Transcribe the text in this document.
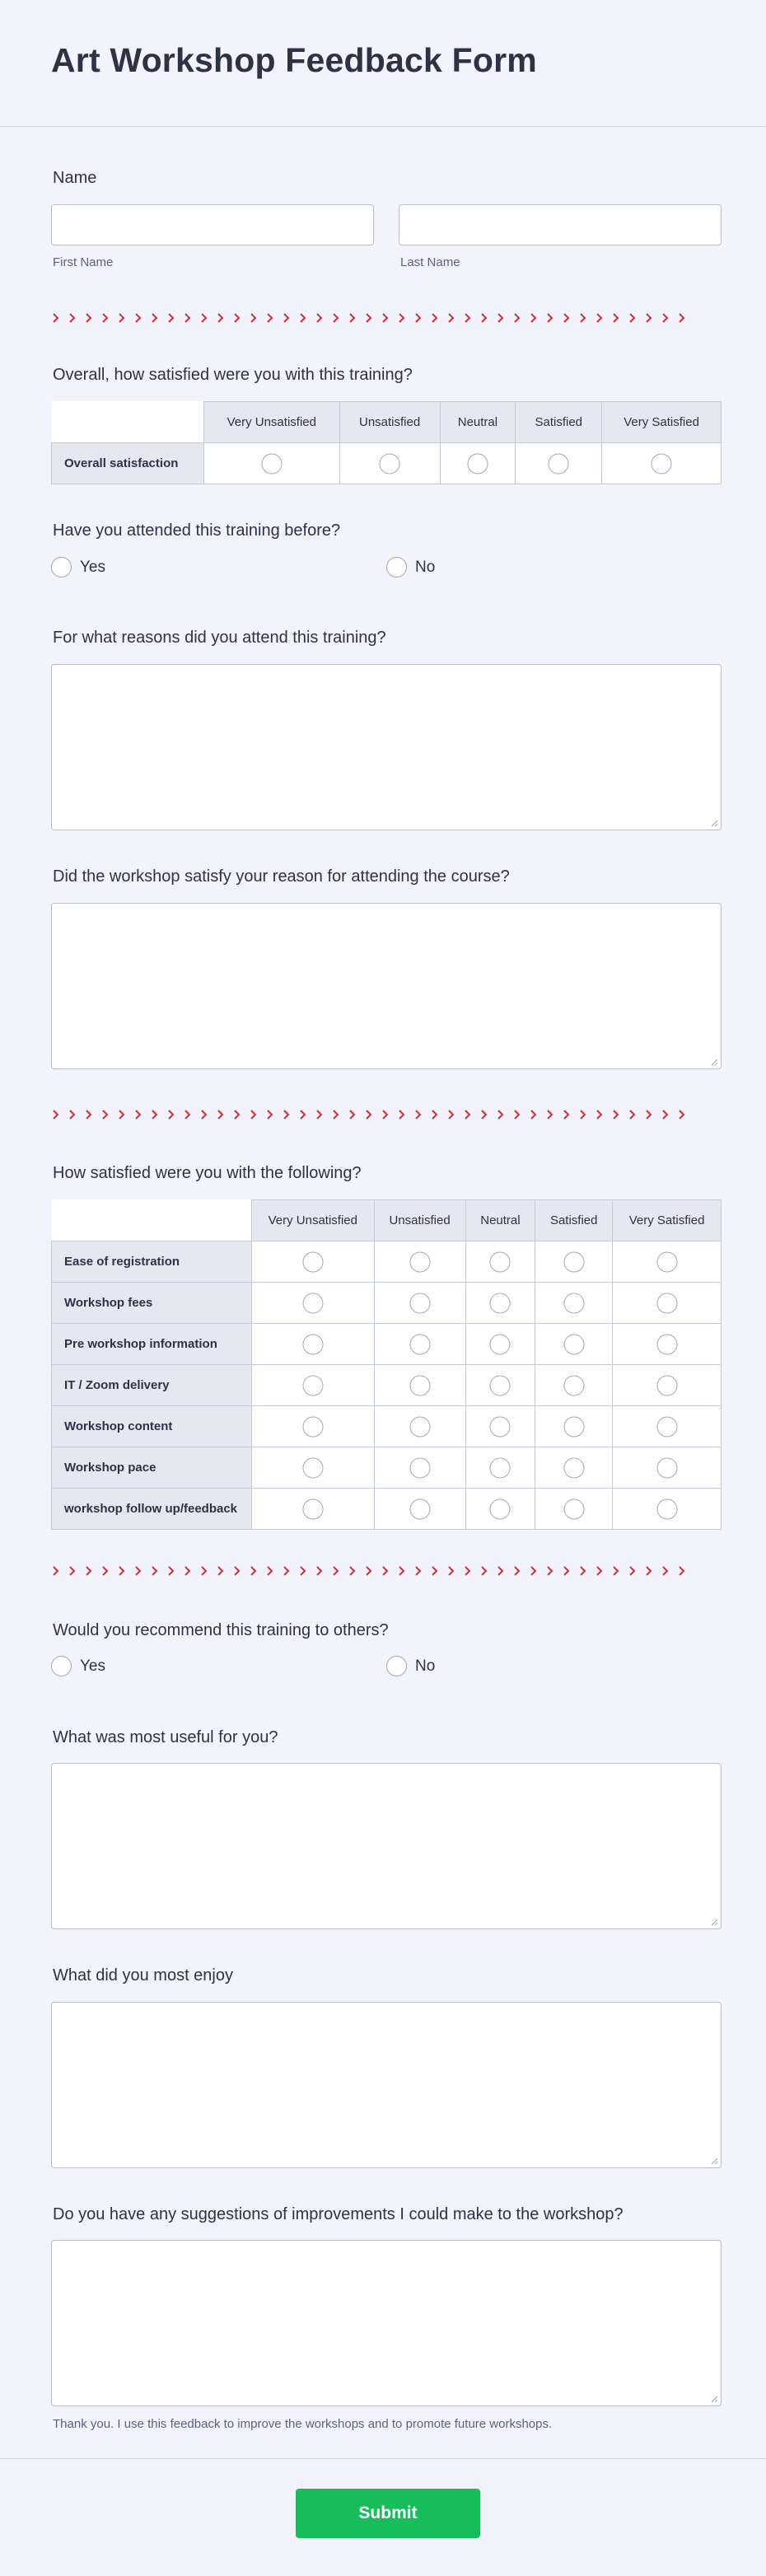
Art Workshop Feedback Form
Name
First Name	Last Name
Overall, how satisfied were you with this training?
	Very Unsatisfied	Unsatisfied	Neutral	Satisfied	Very Satisfied
Overall satisfaction	

Have you attended this training before?
Yes	No
For what reasons did you attend this training?
Did the workshop satisfy your reason for attending the course?
How satisfied were you with the following?
	Very Unsatisfied	Unsatisfied	Neutral	Satisfied	Very Satisfied
Ease of registration	

Workshop fees	

Pre workshop information	

IT / Zoom delivery	

Workshop content	

Workshop pace	

workshop follow up/feedback	

Would you recommend this training to others?
Yes	No
What was most useful for you?
What did you most enjoy
Do you have any suggestions of improvements I could make to the workshop?
Thank you. I use this feedback to improve the workshops and to promote future workshops.
Submit
